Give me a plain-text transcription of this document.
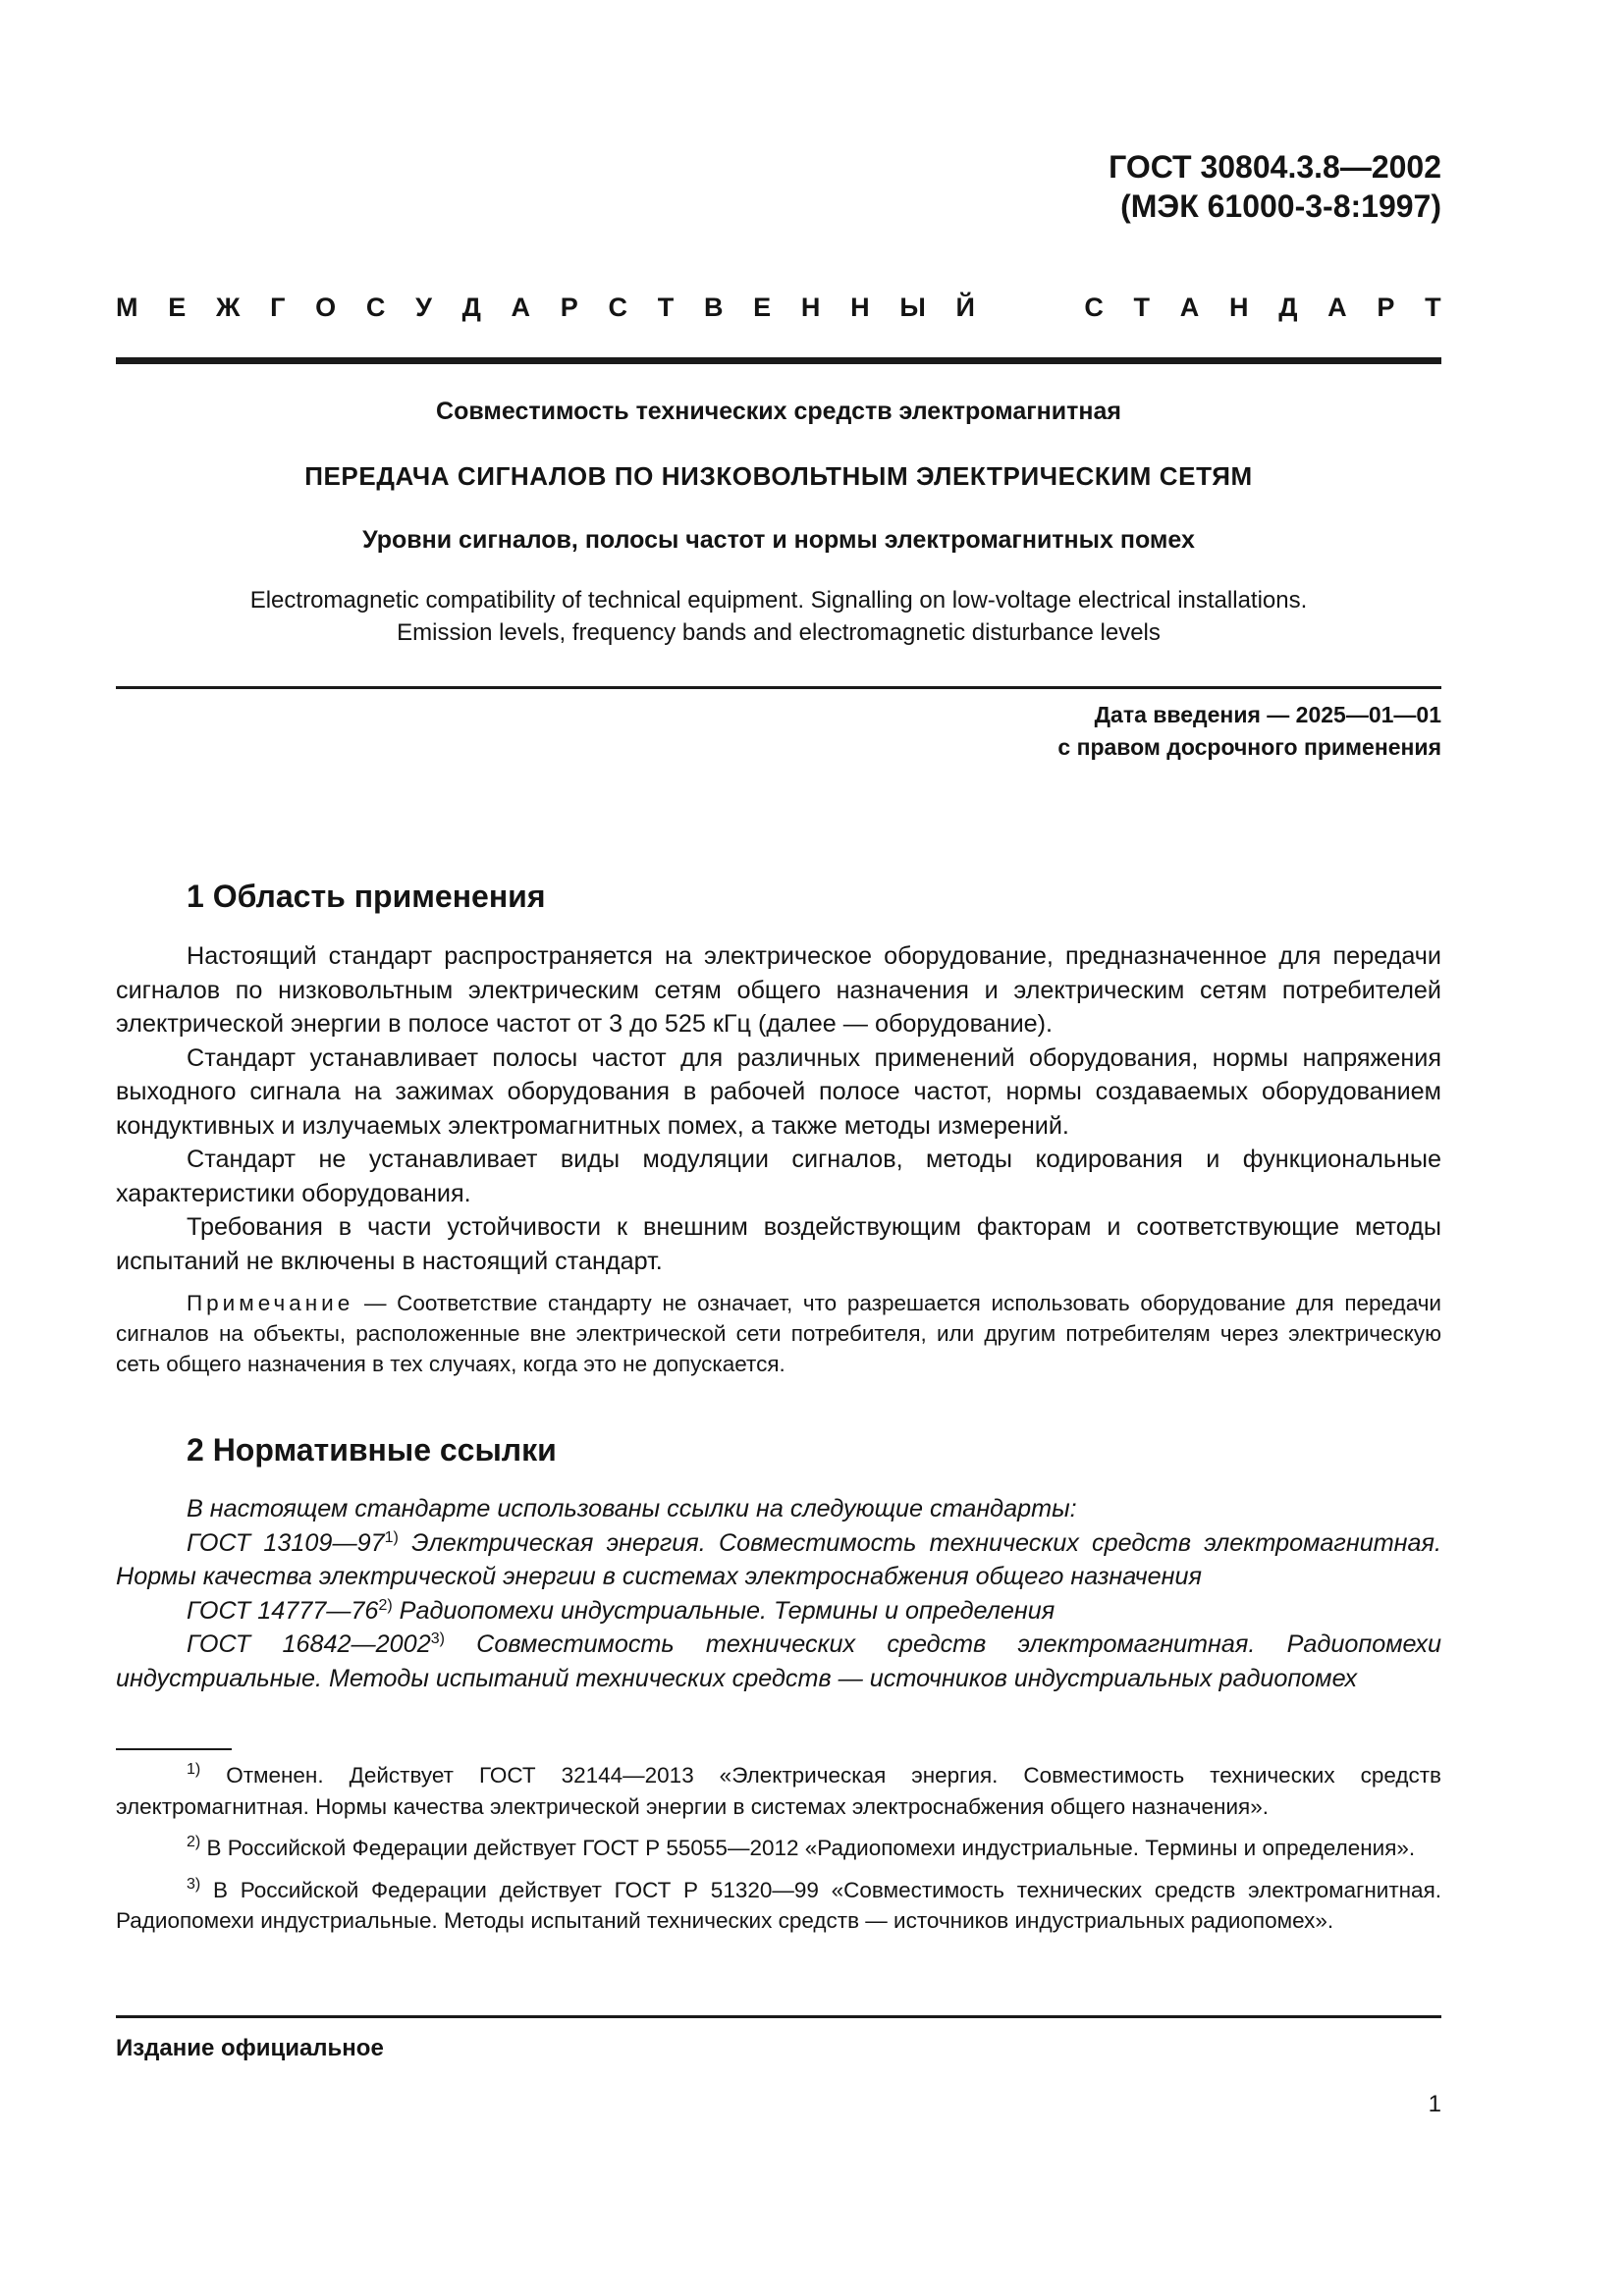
ГОСТ 30804.3.8—2002
(МЭК 61000-3-8:1997)
М Е Ж Г О С У Д А Р С Т В Е Н Н Ы Й	С Т А Н Д А Р Т
Совместимость технических средств электромагнитная
ПЕРЕДАЧА СИГНАЛОВ ПО НИЗКОВОЛЬТНЫМ ЭЛЕКТРИЧЕСКИМ СЕТЯМ
Уровни сигналов, полосы частот и нормы электромагнитных помех
Electromagnetic compatibility of technical equipment. Signalling on low-voltage electrical installations.
Emission levels, frequency bands and electromagnetic disturbance levels
Дата введения — 2025—01—01
с правом досрочного применения
1 Область применения

Настоящий стандарт распространяется на электрическое оборудование, предназначенное для передачи сигналов по низковольтным электрическим сетям общего назначения и электрическим сетям потребителей электрической энергии в полосе частот от 3 до 525 кГц (далее — оборудование).

Стандарт устанавливает полосы частот для различных применений оборудования, нормы напряжения выходного сигнала на зажимах оборудования в рабочей полосе частот, нормы создаваемых оборудованием кондуктивных и излучаемых электромагнитных помех, а также методы измерений.

Стандарт не устанавливает виды модуляции сигналов, методы кодирования и функциональные характеристики оборудования.

Требования в части устойчивости к внешним воздействующим факторам и соответствующие методы испытаний не включены в настоящий стандарт.

Примечание — Соответствие стандарту не означает, что разрешается использовать оборудование для передачи сигналов на объекты, расположенные вне электрической сети потребителя, или другим потребителям через электрическую сеть общего назначения в тех случаях, когда это не допускается.

2 Нормативные ссылки

В настоящем стандарте использованы ссылки на следующие стандарты:

ГОСТ 13109—97$^{1)}$ Электрическая энергия. Совместимость технических средств электромагнитная. Нормы качества электрической энергии в системах электроснабжения общего назначения

ГОСТ 14777—76$^{2)}$ Радиопомехи индустриальные. Термины и определения

ГОСТ 16842—2002$^{3)}$ Совместимость технических средств электромагнитная. Радиопомехи индустриальные. Методы испытаний технических средств — источников индустриальных радиопомех

$^{1)}$ Отменен. Действует ГОСТ 32144—2013 «Электрическая энергия. Совместимость технических средств электромагнитная. Нормы качества электрической энергии в системах электроснабжения общего назначения».

$^{2)}$ В Российской Федерации действует ГОСТ Р 55055—2012 «Радиопомехи индустриальные. Термины и определения».

$^{3)}$ В Российской Федерации действует ГОСТ Р 51320—99 «Совместимость технических средств электромагнитная. Радиопомехи индустриальные. Методы испытаний технических средств — источников индустриальных радиопомех».

Издание официальное
1
